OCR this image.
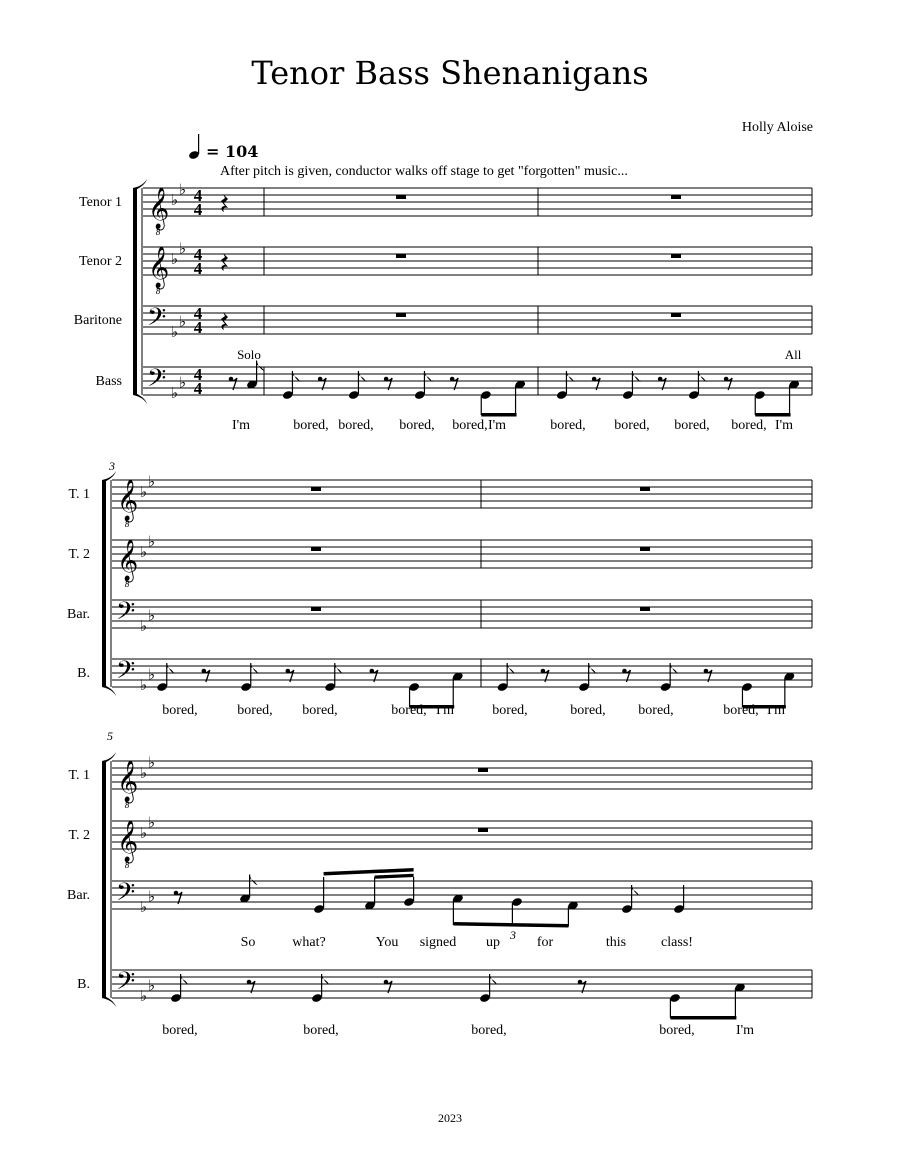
Tenor Bass Shenanigans
Holly Aloise
𝄞
8
♭
♭ 4
4
Tenor 1
𝄞
8
♭
♭ 4
4
Tenor 2
𝄢 ♭
♭ 4
4
Baritone
𝄢 ♭
♭ 4
4
Bass
= 104
After pitch is given, conductor walks off stage to get "forgotten" music...
Solo	All
I'm	bored, bored, bored, bored, I'm	bored, bored, bored, bored, I'm
3
𝄞
8
♭
♭
T. 1
𝄞
8
♭
♭
T. 2
𝄢 ♭
♭
Bar.
𝄢 ♭
♭
B.
bored,	bored, bored,	bored, I'm	bored,	bored, bored,	bored, I'm
5
𝄞
8
♭
♭
T. 1
𝄞
8
♭
♭
T. 2
𝄢 ♭
♭
Bar.
𝄢 ♭
♭
B.
3
So	what?	You signed up	for	this class!
bored,	bored,	bored,	bored,	I'm
2023
